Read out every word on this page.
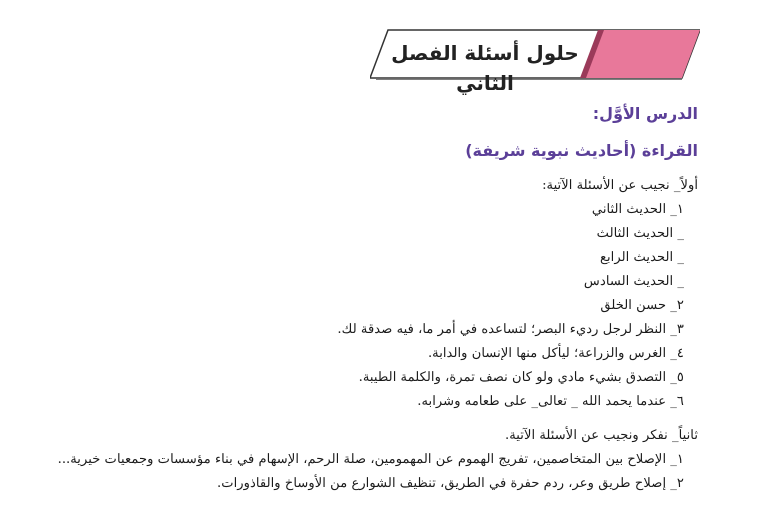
حلول أسئلة الفصل الثاني

الدرس الأوَّل:

القراءة (أحاديث نبوية شريفة)

أولاً_ نجيب عن الأسئلة الآتية:

١_ الحديث الثاني

_ الحديث الثالث

_ الحديث الرابع

_ الحديث السادس

٢_ حسن الخلق

٣_ النظر لرجل رديء البصر؛ لتساعده في أمر ما، فيه صدقة لك.

٤_ الغرس والزراعة؛ ليأكل منها الإنسان والدابة.

٥_ التصدق بشيء مادي ولو كان نصف تمرة، والكلمة الطيبة.

٦_ عندما يحمد الله _ تعالى_ على طعامه وشرابه.

ثانياً_ نفكر ونجيب عن الأسئلة الآتية.

١_ الإصلاح بين المتخاصمين، تفريج الهموم عن المهمومين، صلة الرحم، الإسهام في بناء مؤسسات وجمعيات خيرية...

٢_ إصلاح طريق وعر، ردم حفرة في الطريق، تنظيف الشوارع من الأوساخ والقاذورات.
